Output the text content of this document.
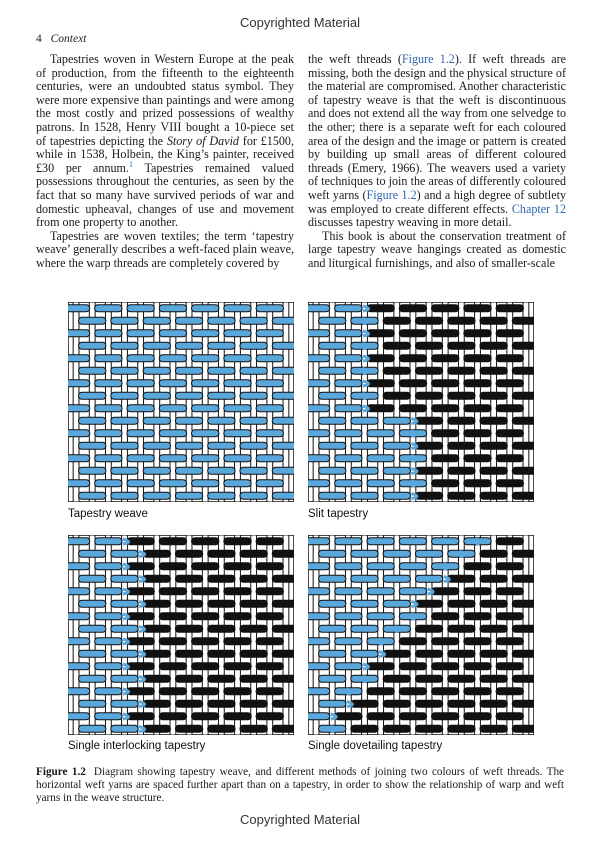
Copyrighted Material
4 Context

Tapestries woven in Western Europe at the peak of production, from the fifteenth to the eighteenth centuries, were an undoubted status symbol. They were more expensive than paintings and were among the most costly and prized possessions of wealthy patrons. In 1528, Henry VIII bought a 10-piece set of tapestries depicting the Story of David for £1500, while in 1538, Holbein, the King’s painter, received £30 per annum.$^1$ Tapestries remained valued possessions throughout the centuries, as seen by the fact that so many have survived periods of war and domestic upheaval, changes of use and movement from one property to another.

Tapestries are woven textiles; the term ‘tapestry weave’ generally describes a weft-faced plain weave, where the warp threads are completely covered by

the weft threads (Figure 1.2). If weft threads are missing, both the design and the physical structure of the material are compromised. Another characteristic of tapestry weave is that the weft is discontinuous and does not extend all the way from one selvedge to the other; there is a separate weft for each coloured area of the design and the image or pattern is created by building up small areas of different coloured threads (Emery, 1966). The weavers used a variety of techniques to join the areas of differently coloured weft yarns (Figure 1.2) and a high degree of subtlety was employed to create different effects. Chapter 12 discusses tapestry weaving in more detail.

This book is about the conservation treatment of large tapestry weave hangings created as domestic and liturgical furnishings, and also of smaller-scale

Tapestry weave	Slit tapestry
Single interlocking tapestry	Single dovetailing tapestry
Figure 1.2 Diagram showing tapestry weave, and different methods of joining two colours of weft threads. The horizontal weft yarns are spaced further apart than on a tapestry, in order to show the relationship of warp and weft yarns in the weave structure.
Copyrighted Material
